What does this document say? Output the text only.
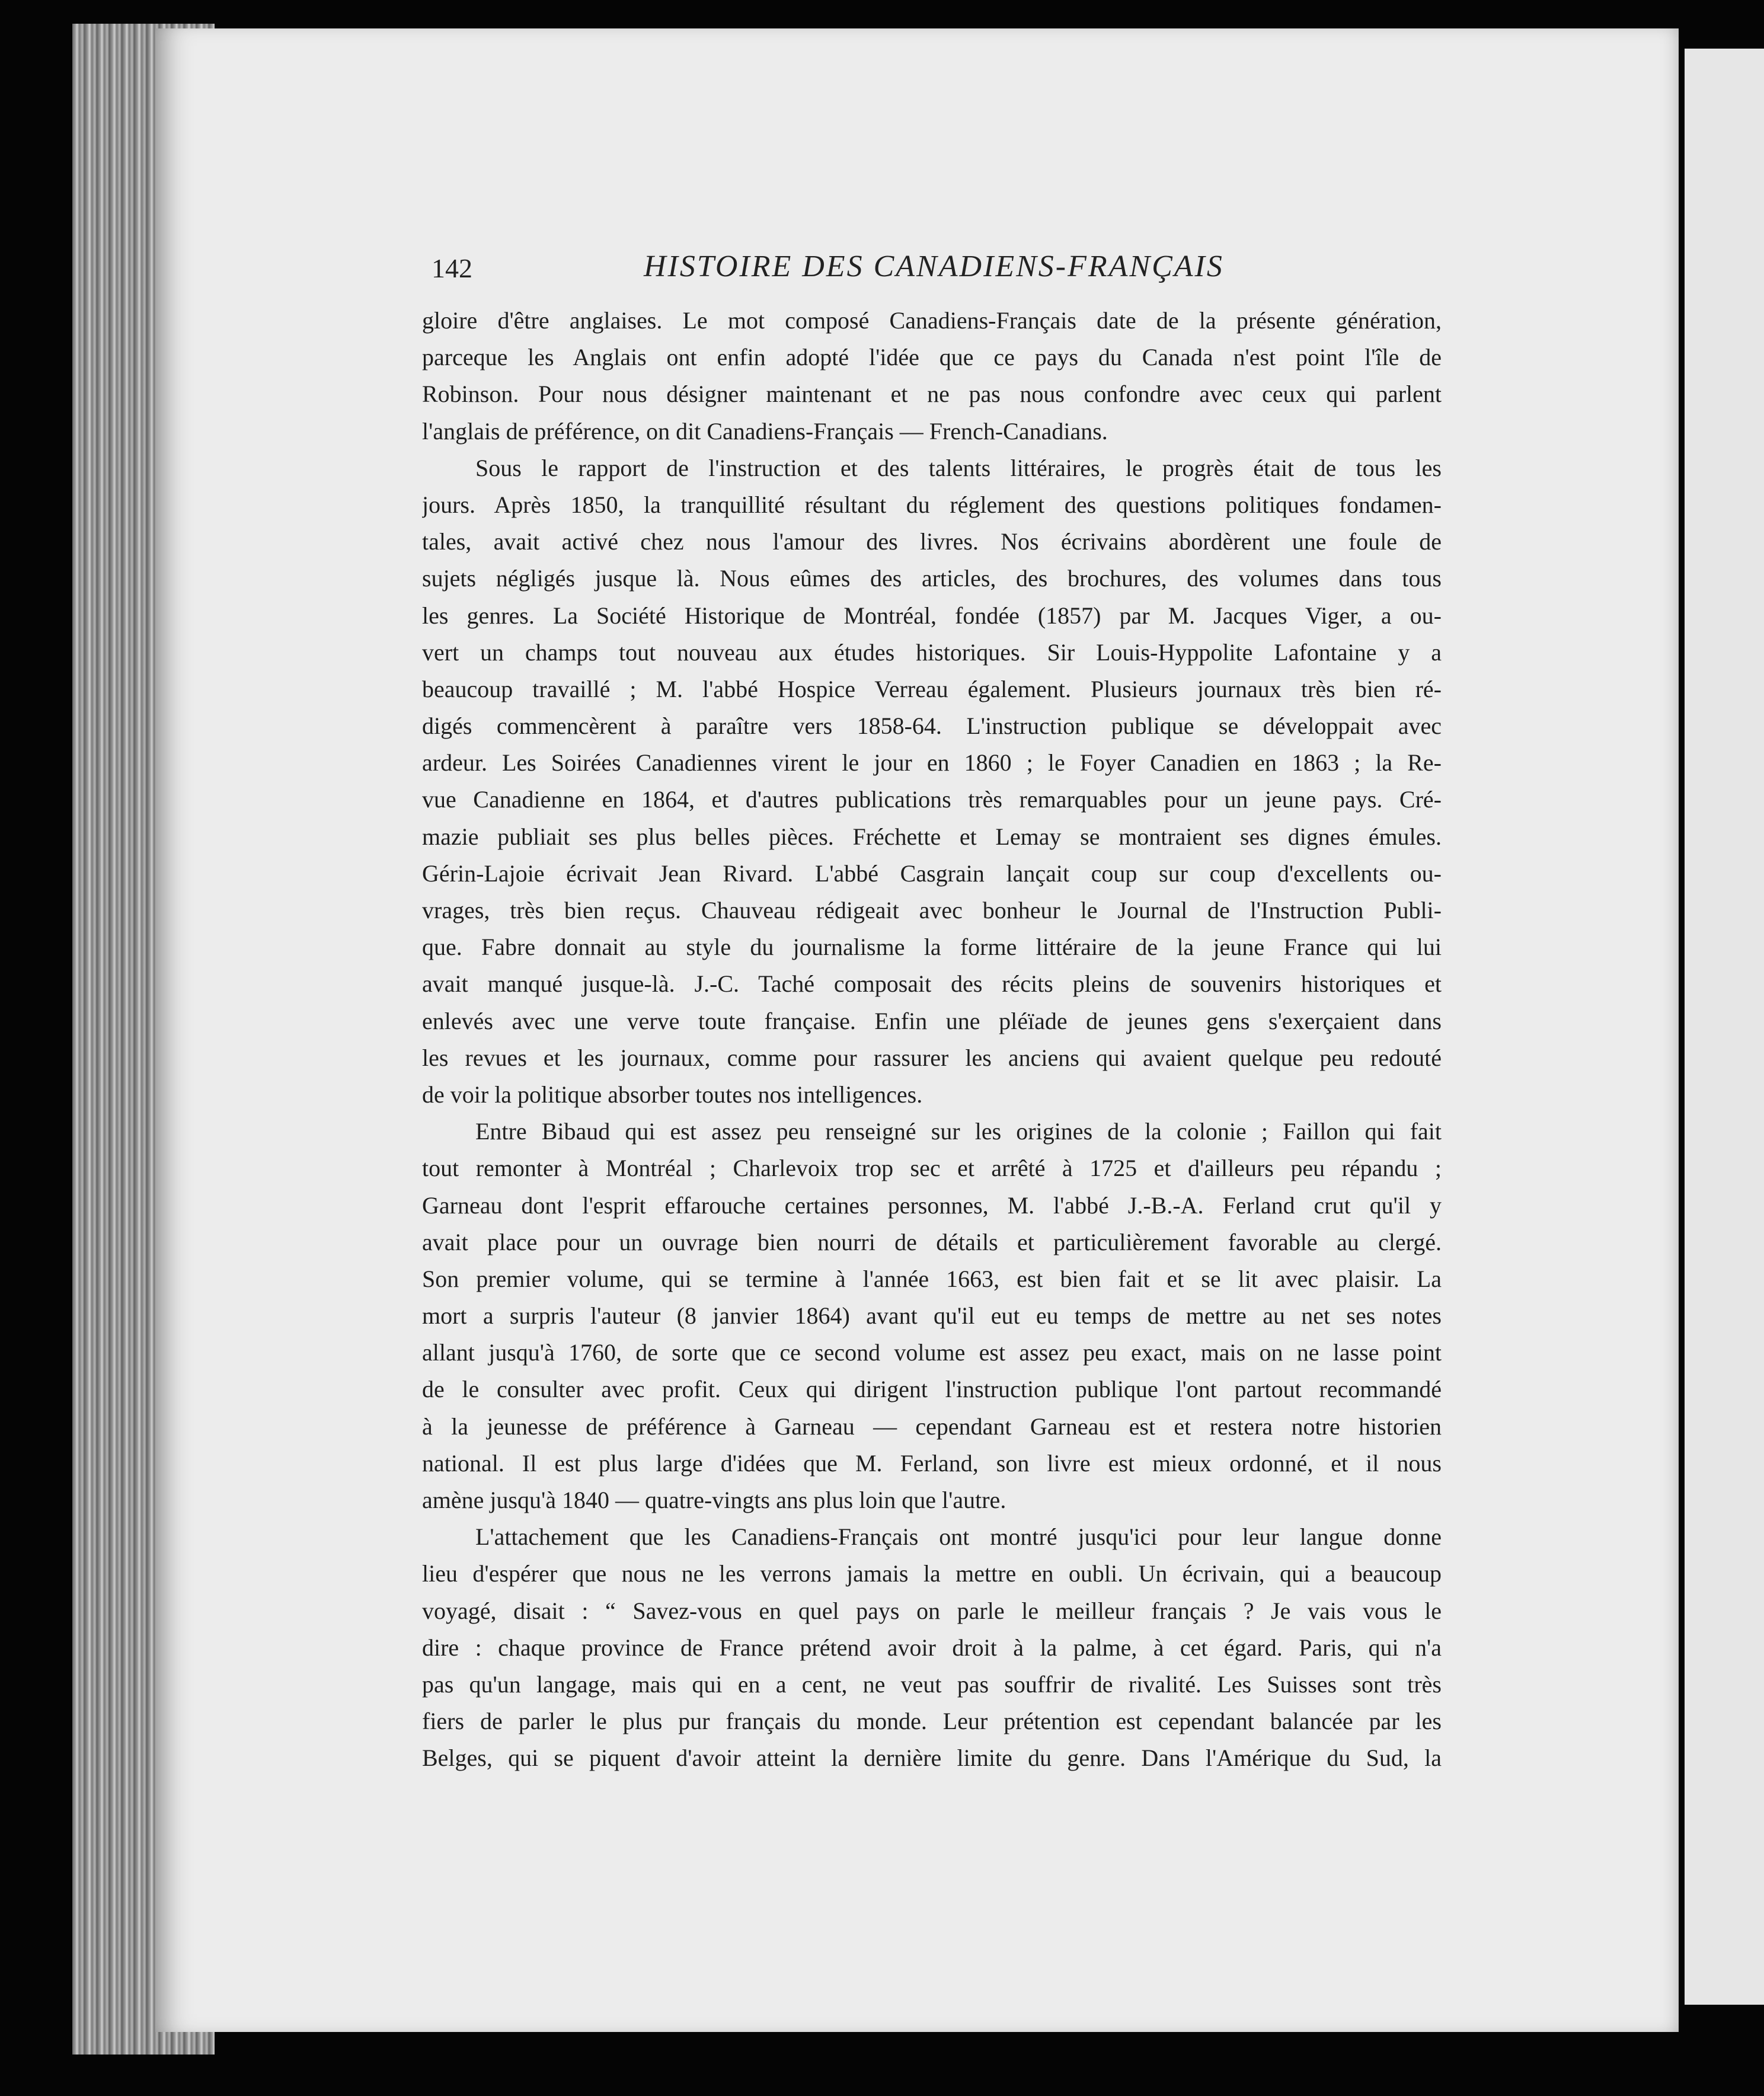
142	HISTOIRE DES CANADIENS-FRANÇAIS
gloire d'être anglaises. Le mot composé Canadiens-Français date de la présente génération,
parceque les Anglais ont enfin adopté l'idée que ce pays du Canada n'est point l'île de
Robinson. Pour nous désigner maintenant et ne pas nous confondre avec ceux qui parlent
l'anglais de préférence, on dit Canadiens-Français — French-Canadians.
Sous le rapport de l'instruction et des talents littéraires, le progrès était de tous les
jours. Après 1850, la tranquillité résultant du réglement des questions politiques fondamen-
tales, avait activé chez nous l'amour des livres. Nos écrivains abordèrent une foule de
sujets négligés jusque là. Nous eûmes des articles, des brochures, des volumes dans tous
les genres. La Société Historique de Montréal, fondée (1857) par M. Jacques Viger, a ou-
vert un champs tout nouveau aux études historiques. Sir Louis-Hyppolite Lafontaine y a
beaucoup travaillé ; M. l'abbé Hospice Verreau également. Plusieurs journaux très bien ré-
digés commencèrent à paraître vers 1858-64. L'instruction publique se développait avec
ardeur. Les Soirées Canadiennes virent le jour en 1860 ; le Foyer Canadien en 1863 ; la Re-
vue Canadienne en 1864, et d'autres publications très remarquables pour un jeune pays. Cré-
mazie publiait ses plus belles pièces. Fréchette et Lemay se montraient ses dignes émules.
Gérin-Lajoie écrivait Jean Rivard. L'abbé Casgrain lançait coup sur coup d'excellents ou-
vrages, très bien reçus. Chauveau rédigeait avec bonheur le Journal de l'Instruction Publi-
que. Fabre donnait au style du journalisme la forme littéraire de la jeune France qui lui
avait manqué jusque-là. J.-C. Taché composait des récits pleins de souvenirs historiques et
enlevés avec une verve toute française. Enfin une pléïade de jeunes gens s'exerçaient dans
les revues et les journaux, comme pour rassurer les anciens qui avaient quelque peu redouté
de voir la politique absorber toutes nos intelligences.
Entre Bibaud qui est assez peu renseigné sur les origines de la colonie ; Faillon qui fait
tout remonter à Montréal ; Charlevoix trop sec et arrêté à 1725 et d'ailleurs peu répandu ;
Garneau dont l'esprit effarouche certaines personnes, M. l'abbé J.-B.-A. Ferland crut qu'il y
avait place pour un ouvrage bien nourri de détails et particulièrement favorable au clergé.
Son premier volume, qui se termine à l'année 1663, est bien fait et se lit avec plaisir. La
mort a surpris l'auteur (8 janvier 1864) avant qu'il eut eu temps de mettre au net ses notes
allant jusqu'à 1760, de sorte que ce second volume est assez peu exact, mais on ne lasse point
de le consulter avec profit. Ceux qui dirigent l'instruction publique l'ont partout recommandé
à la jeunesse de préférence à Garneau — cependant Garneau est et restera notre historien
national. Il est plus large d'idées que M. Ferland, son livre est mieux ordonné, et il nous
amène jusqu'à 1840 — quatre-vingts ans plus loin que l'autre.
L'attachement que les Canadiens-Français ont montré jusqu'ici pour leur langue donne
lieu d'espérer que nous ne les verrons jamais la mettre en oubli. Un écrivain, qui a beaucoup
voyagé, disait : “ Savez-vous en quel pays on parle le meilleur français ? Je vais vous le
dire : chaque province de France prétend avoir droit à la palme, à cet égard. Paris, qui n'a
pas qu'un langage, mais qui en a cent, ne veut pas souffrir de rivalité. Les Suisses sont très
fiers de parler le plus pur français du monde. Leur prétention est cependant balancée par les
Belges, qui se piquent d'avoir atteint la dernière limite du genre. Dans l'Amérique du Sud, la
